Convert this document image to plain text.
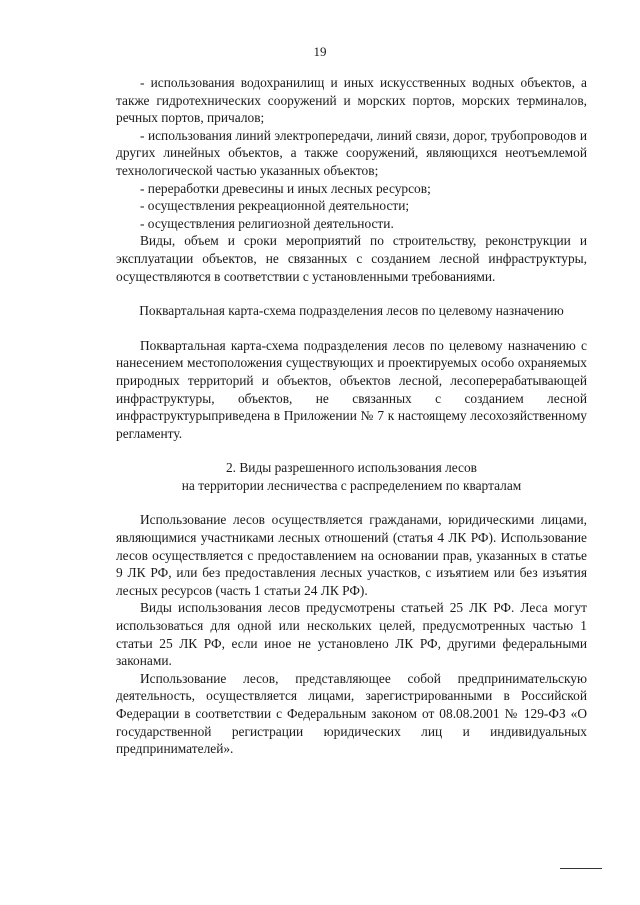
19

- использования водохранилищ и иных искусственных водных объектов, а также гидротехнических сооружений и морских портов, морских терминалов, речных портов, причалов;

- использования линий электропередачи, линий связи, дорог, трубопроводов и других линейных объектов, а также сооружений, являющихся неотъемлемой технологической частью указанных объектов;

- переработки древесины и иных лесных ресурсов;

- осуществления рекреационной деятельности;

- осуществления религиозной деятельности.

Виды, объем и сроки мероприятий по строительству, реконструкции и эксплуатации объектов, не связанных с созданием лесной инфраструктуры, осуществляются в соответствии с установленными требованиями.

Поквартальная карта-схема подразделения лесов по целевому назначению

Поквартальная карта-схема подразделения лесов по целевому назначению с нанесением местоположения существующих и проектируемых особо охраняемых природных территорий и объектов, объектов лесной, лесоперерабатывающей инфраструктуры, объектов, не связанных с созданием лесной инфраструктурыприведена в Приложении № 7 к настоящему лесохозяйственному регламенту.

2. Виды разрешенного использования лесов

на территории лесничества с распределением по кварталам

Использование лесов осуществляется гражданами, юридическими лицами, являющимися участниками лесных отношений (статья 4 ЛК РФ). Использование лесов осуществляется с предоставлением на основании прав, указанных в статье 9 ЛК РФ, или без предоставления лесных участков, с изъятием или без изъятия лесных ресурсов (часть 1 статьи 24 ЛК РФ).

Виды использования лесов предусмотрены статьей 25 ЛК РФ. Леса могут использоваться для одной или нескольких целей, предусмотренных частью 1 статьи 25 ЛК РФ, если иное не установлено ЛК РФ, другими федеральными законами.

Использование лесов, представляющее собой предпринимательскую деятельность, осуществляется лицами, зарегистрированными в Российской Федерации в соответствии с Федеральным законом от 08.08.2001 № 129-ФЗ «О государственной регистрации юридических лиц и индивидуальных предпринимателей».
